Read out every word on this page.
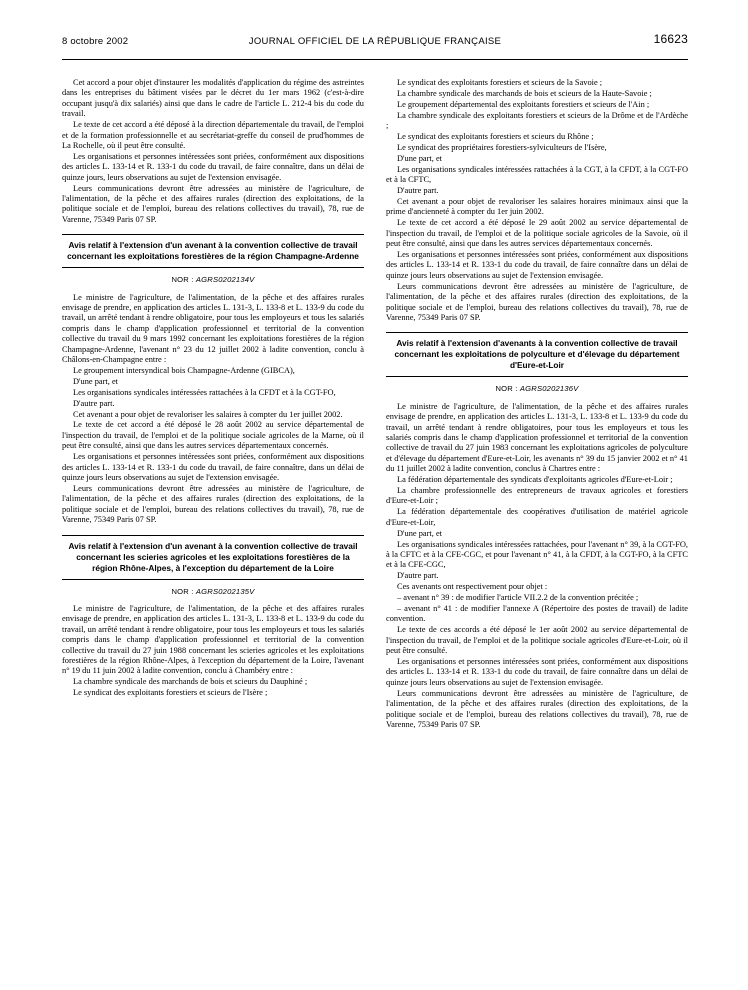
8 octobre 2002	JOURNAL OFFICIEL DE LA RÉPUBLIQUE FRANÇAISE	16623

Cet accord a pour objet d'instaurer les modalités d'application du régime des astreintes dans les entreprises du bâtiment visées par le décret du 1er mars 1962 (c'est-à-dire occupant jusqu'à dix salariés) ainsi que dans le cadre de l'article L. 212-4 bis du code du travail.

Le texte de cet accord a été déposé à la direction départementale du travail, de l'emploi et de la formation professionnelle et au secrétariat-greffe du conseil de prud'hommes de La Rochelle, où il peut être consulté.

Les organisations et personnes intéressées sont priées, conformément aux dispositions des articles L. 133-14 et R. 133-1 du code du travail, de faire connaître, dans un délai de quinze jours, leurs observations au sujet de l'extension envisagée.

Leurs communications devront être adressées au ministère de l'agriculture, de l'alimentation, de la pêche et des affaires rurales (direction des exploitations, de la politique sociale et de l'emploi, bureau des relations collectives du travail), 78, rue de Varenne, 75349 Paris 07 SP.

Avis relatif à l'extension d'un avenant à la convention collective de travail concernant les exploitations forestières de la région Champagne-Ardenne
NOR : AGRS0202134V

Le ministre de l'agriculture, de l'alimentation, de la pêche et des affaires rurales envisage de prendre, en application des articles L. 131-3, L. 133-8 et L. 133-9 du code du travail, un arrêté tendant à rendre obligatoire, pour tous les employeurs et tous les salariés compris dans le champ d'application professionnel et territorial de la convention collective du travail du 9 mars 1992 concernant les exploitations forestières de la région Champagne-Ardenne, l'avenant n° 23 du 12 juillet 2002 à ladite convention, conclu à Châlons-en-Champagne entre :

Le groupement intersyndical bois Champagne-Ardenne (GIBCA),

D'une part, et

Les organisations syndicales intéressées rattachées à la CFDT et à la CGT-FO,

D'autre part.

Cet avenant a pour objet de revaloriser les salaires à compter du 1er juillet 2002.

Le texte de cet accord a été déposé le 28 août 2002 au service départemental de l'inspection du travail, de l'emploi et de la politique sociale agricoles de la Marne, où il peut être consulté, ainsi que dans les autres services départementaux concernés.

Les organisations et personnes intéressées sont priées, conformément aux dispositions des articles L. 133-14 et R. 133-1 du code du travail, de faire connaître, dans un délai de quinze jours leurs observations au sujet de l'extension envisagée.

Leurs communications devront être adressées au ministère de l'agriculture, de l'alimentation, de la pêche et des affaires rurales (direction des exploitations, de la politique sociale et de l'emploi, bureau des relations collectives du travail), 78, rue de Varenne, 75349 Paris 07 SP.

Avis relatif à l'extension d'un avenant à la convention collective de travail concernant les scieries agricoles et les exploitations forestières de la région Rhône-Alpes, à l'exception du département de la Loire
NOR : AGRS0202135V

Le ministre de l'agriculture, de l'alimentation, de la pêche et des affaires rurales envisage de prendre, en application des articles L. 131-3, L. 133-8 et L. 133-9 du code du travail, un arrêté tendant à rendre obligatoire, pour tous les employeurs et tous les salariés compris dans le champ d'application professionnel et territorial de la convention collective du travail du 27 juin 1988 concernant les scieries agricoles et les exploitations forestières de la région Rhône-Alpes, à l'exception du département de la Loire, l'avenant n° 19 du 11 juin 2002 à ladite convention, conclu à Chambéry entre :

La chambre syndicale des marchands de bois et scieurs du Dauphiné ;

Le syndicat des exploitants forestiers et scieurs de l'Isère ;

Le syndicat des exploitants forestiers et scieurs de la Savoie ;

La chambre syndicale des marchands de bois et scieurs de la Haute-Savoie ;

Le groupement départemental des exploitants forestiers et scieurs de l'Ain ;

La chambre syndicale des exploitants forestiers et scieurs de la Drôme et de l'Ardèche ;

Le syndicat des exploitants forestiers et scieurs du Rhône ;

Le syndicat des propriétaires forestiers-sylviculteurs de l'Isère,

D'une part, et

Les organisations syndicales intéressées rattachées à la CGT, à la CFDT, à la CGT-FO et à la CFTC,

D'autre part.

Cet avenant a pour objet de revaloriser les salaires horaires minimaux ainsi que la prime d'ancienneté à compter du 1er juin 2002.

Le texte de cet accord a été déposé le 29 août 2002 au service départemental de l'inspection du travail, de l'emploi et de la politique sociale agricoles de la Savoie, où il peut être consulté, ainsi que dans les autres services départementaux concernés.

Les organisations et personnes intéressées sont priées, conformément aux dispositions des articles L. 133-14 et R. 133-1 du code du travail, de faire connaître dans un délai de quinze jours leurs observations au sujet de l'extension envisagée.

Leurs communications devront être adressées au ministère de l'agriculture, de l'alimentation, de la pêche et des affaires rurales (direction des exploitations, de la politique sociale et de l'emploi, bureau des relations collectives du travail), 78, rue de Varenne, 75349 Paris 07 SP.

Avis relatif à l'extension d'avenants à la convention collective de travail concernant les exploitations de polyculture et d'élevage du département d'Eure-et-Loir
NOR : AGRS0202136V

Le ministre de l'agriculture, de l'alimentation, de la pêche et des affaires rurales envisage de prendre, en application des articles L. 131-3, L. 133-8 et L. 133-9 du code du travail, un arrêté tendant à rendre obligatoires, pour tous les employeurs et tous les salariés compris dans le champ d'application professionnel et territorial de la convention collective de travail du 27 juin 1983 concernant les exploitations agricoles de polyculture et d'élevage du département d'Eure-et-Loir, les avenants n° 39 du 15 janvier 2002 et n° 41 du 11 juillet 2002 à ladite convention, conclus à Chartres entre :

La fédération départementale des syndicats d'exploitants agricoles d'Eure-et-Loir ;

La chambre professionnelle des entrepreneurs de travaux agricoles et forestiers d'Eure-et-Loir ;

La fédération départementale des coopératives d'utilisation de matériel agricole d'Eure-et-Loir,

D'une part, et

Les organisations syndicales intéressées rattachées, pour l'avenant n° 39, à la CGT-FO, à la CFTC et à la CFE-CGC, et pour l'avenant n° 41, à la CFDT, à la CGT-FO, à la CFTC et à la CFE-CGC,

D'autre part.

Ces avenants ont respectivement pour objet :

– avenant n° 39 : de modifier l'article VII.2.2 de la convention précitée ;

– avenant n° 41 : de modifier l'annexe A (Répertoire des postes de travail) de ladite convention.

Le texte de ces accords a été déposé le 1er août 2002 au service départemental de l'inspection du travail, de l'emploi et de la politique sociale agricoles d'Eure-et-Loir, où il peut être consulté.

Les organisations et personnes intéressées sont priées, conformément aux dispositions des articles L. 133-14 et R. 133-1 du code du travail, de faire connaître dans un délai de quinze jours leurs observations au sujet de l'extension envisagée.

Leurs communications devront être adressées au ministère de l'agriculture, de l'alimentation, de la pêche et des affaires rurales (direction des exploitations, de la politique sociale et de l'emploi, bureau des relations collectives du travail), 78, rue de Varenne, 75349 Paris 07 SP.
